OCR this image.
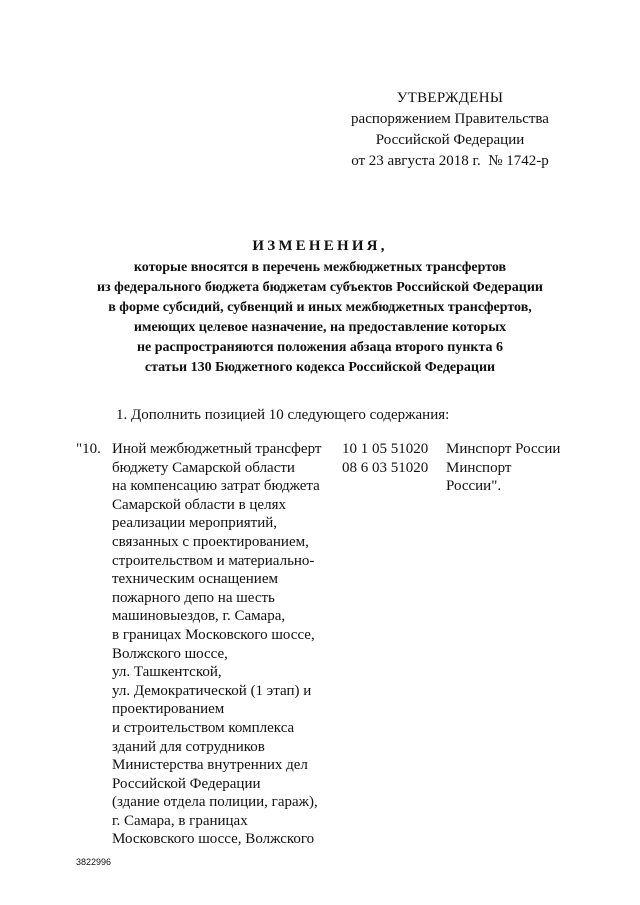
УТВЕРЖДЕНЫ
распоряжением Правительства
Российской Федерации
от 23 августа 2018 г.  № 1742-р
ИЗМЕНЕНИЯ,
которые вносятся в перечень межбюджетных трансфертов
из федерального бюджета бюджетам субъектов Российской Федерации
в форме субсидий, субвенций и иных межбюджетных трансфертов,
имеющих целевое назначение, на предоставление которых
не распространяются положения абзаца второго пункта 6
статьи 130 Бюджетного кодекса Российской Федерации
1. Дополнить позицией 10 следующего содержания:
"10. Иной межбюджетный трансферт
бюджету Самарской области
на компенсацию затрат бюджета
Самарской области в целях
реализации мероприятий,
связанных с проектированием,
строительством и материально-
техническим оснащением
пожарного депо на шесть
машиновыездов, г. Самара,
в границах Московского шоссе,
Волжского шоссе,
ул. Ташкентской,
ул. Демократической (1 этап) и
проектированием
и строительством комплекса
зданий для сотрудников
Министерства внутренних дел
Российской Федерации
(здание отдела полиции, гараж),
г. Самара, в границах
Московского шоссе, Волжского
10 1 05 51020
08 6 03 51020
Минспорт России
Минспорт
России".
3822996
